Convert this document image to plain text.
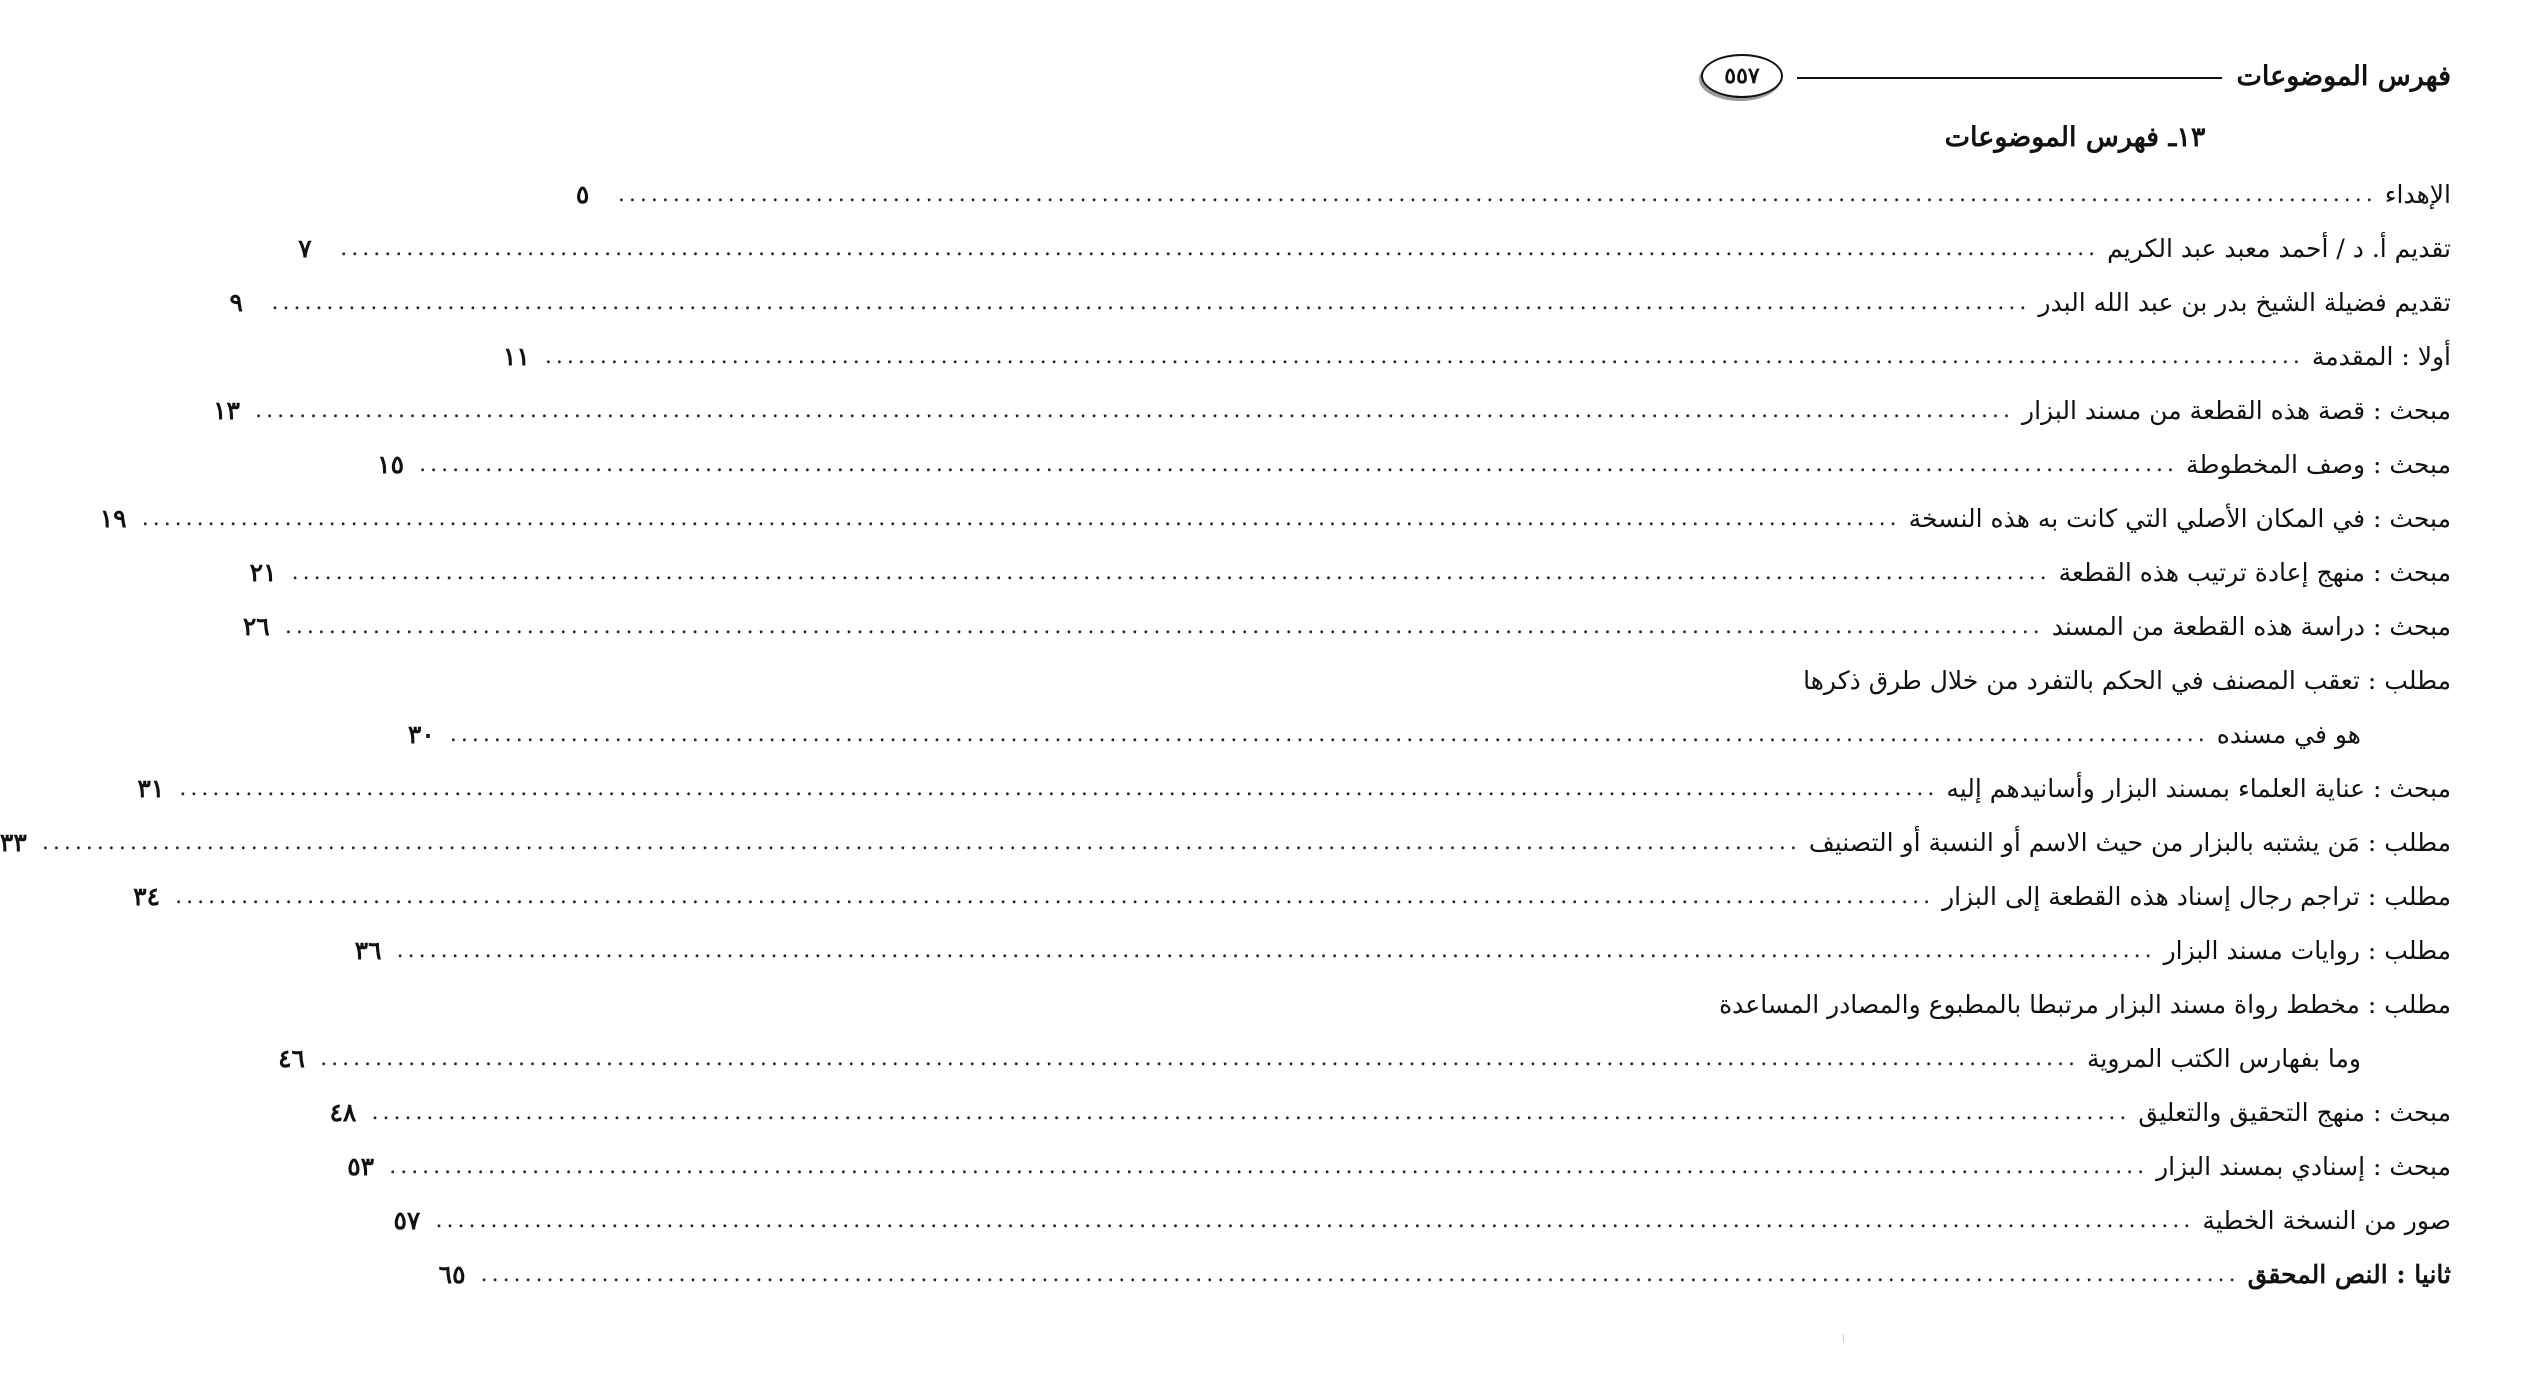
فهرس الموضوعات
٥٥٧
١٣ـ فهرس الموضوعات
الإهداء
................................................................................................................................................................
٥
تقديم أ. د / أحمد معبد عبد الكريم
................................................................................................................................................................
٧
تقديم فضيلة الشيخ بدر بن عبد الله البدر
................................................................................................................................................................
٩
أولا : المقدمة
................................................................................................................................................................
١١
مبحث : قصة هذه القطعة من مسند البزار
................................................................................................................................................................
١٣
مبحث : وصف المخطوطة
................................................................................................................................................................
١٥
مبحث : في المكان الأصلي التي كانت به هذه النسخة
................................................................................................................................................................
١٩
مبحث : منهج إعادة ترتيب هذه القطعة
................................................................................................................................................................
٢١
مبحث : دراسة هذه القطعة من المسند
................................................................................................................................................................
٢٦
مطلب : تعقب المصنف في الحكم بالتفرد من خلال طرق ذكرها
هو في مسنده
................................................................................................................................................................
٣٠
مبحث : عناية العلماء بمسند البزار وأسانيدهم إليه
................................................................................................................................................................
٣١
مطلب : مَن يشتبه بالبزار من حيث الاسم أو النسبة أو التصنيف
................................................................................................................................................................
٣٣
مطلب : تراجم رجال إسناد هذه القطعة إلى البزار
................................................................................................................................................................
٣٤
مطلب : روايات مسند البزار
................................................................................................................................................................
٣٦
مطلب : مخطط رواة مسند البزار مرتبطا بالمطبوع والمصادر المساعدة
وما بفهارس الكتب المروية
................................................................................................................................................................
٤٦
مبحث : منهج التحقيق والتعليق
................................................................................................................................................................
٤٨
مبحث : إسنادي بمسند البزار
................................................................................................................................................................
٥٣
صور من النسخة الخطية
................................................................................................................................................................
٥٧
ثانيا : النص المحقق
................................................................................................................................................................
٦٥
